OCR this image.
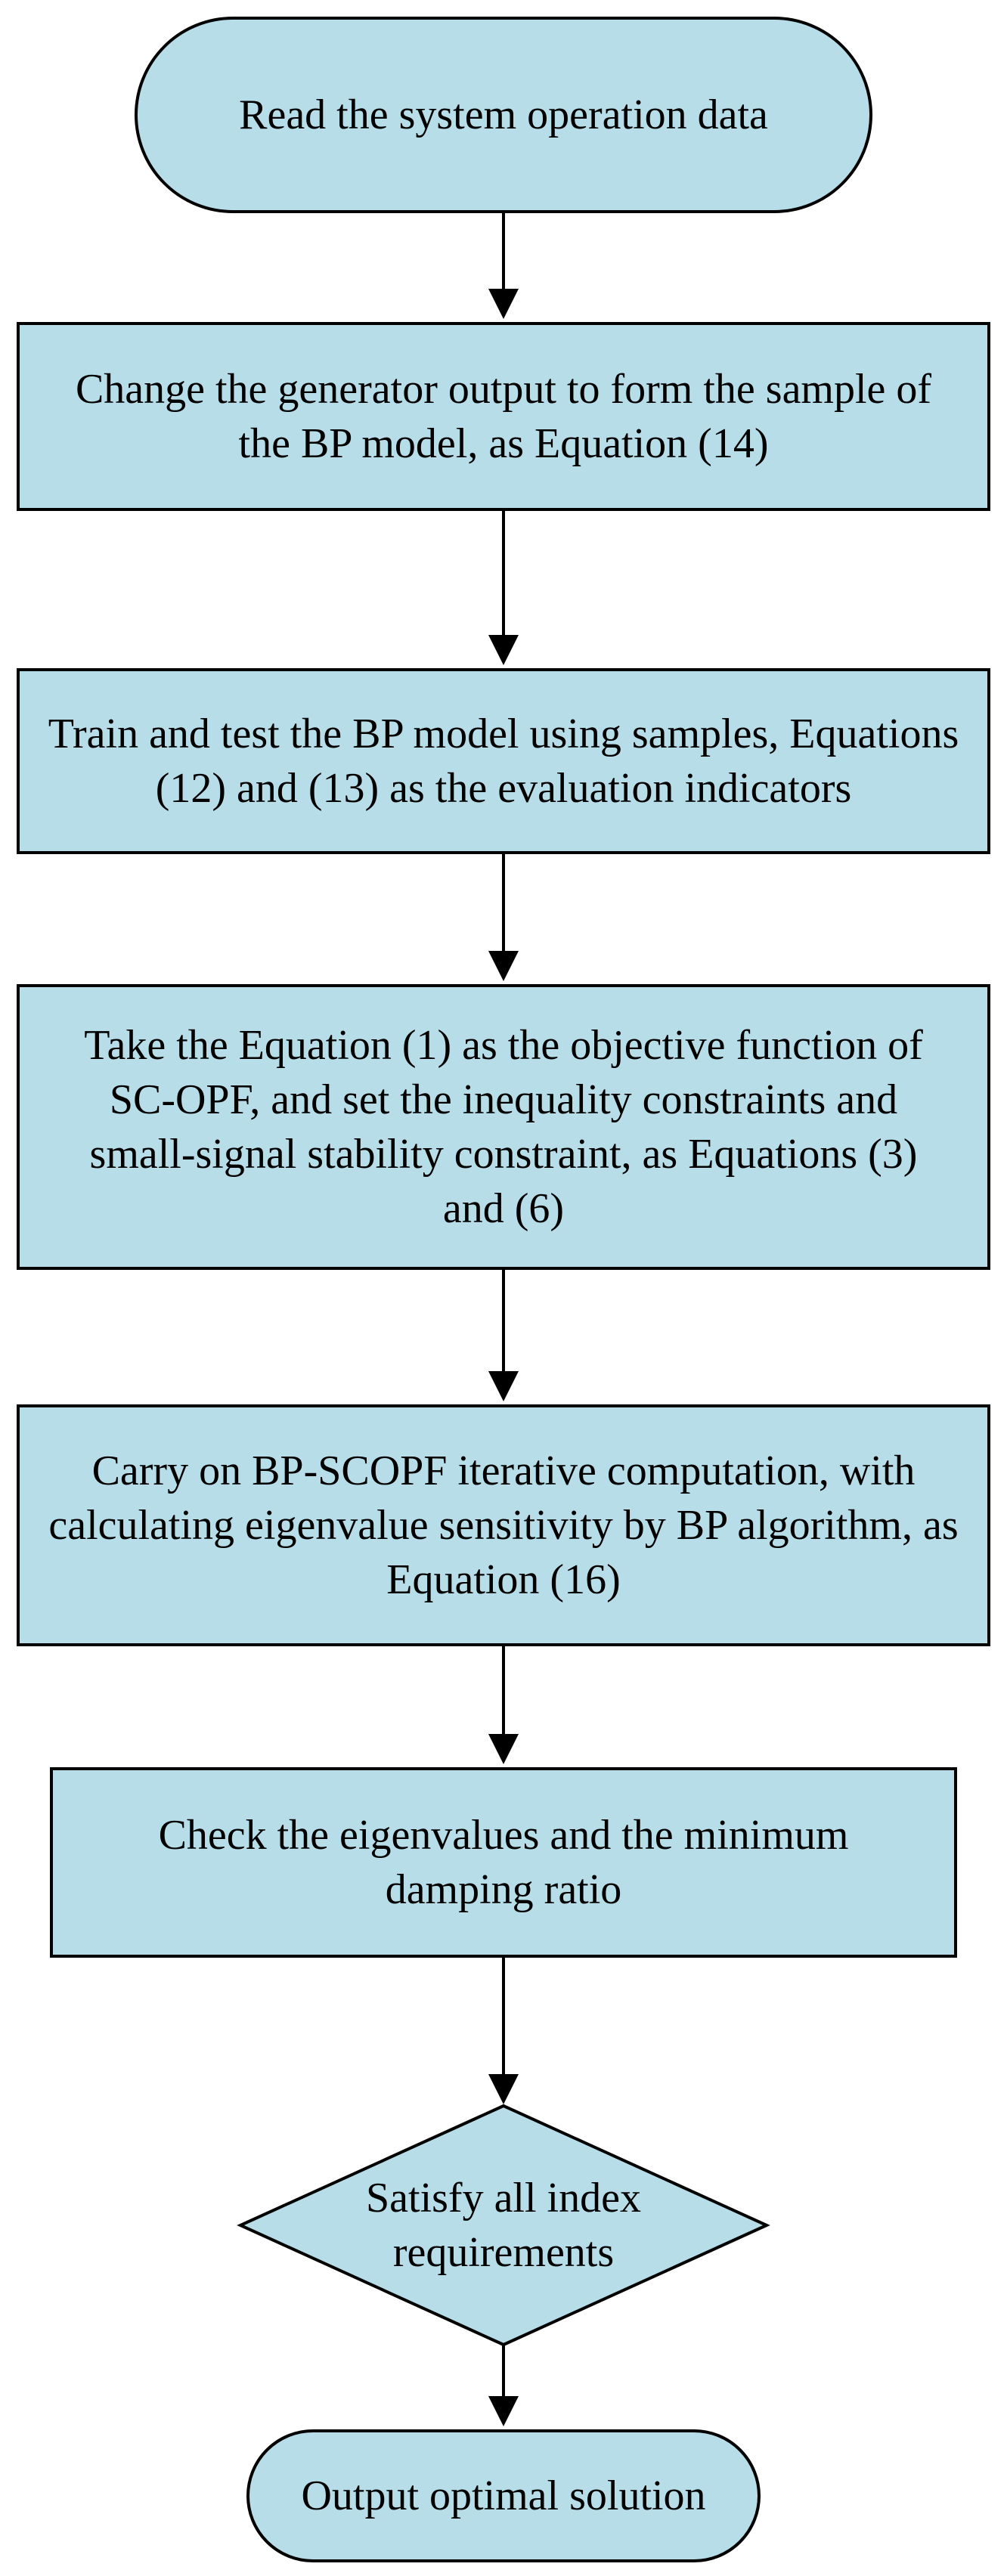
Read the system operation data
Change the generator output to form the sample of the BP model, as Equation (14)
Train and test the BP model using samples, Equations (12) and (13) as the evaluation indicators
Take the Equation (1) as the objective function of SC-OPF, and set the inequality constraints and small-signal stability constraint, as Equations (3) and (6)
Carry on BP-SCOPF iterative computation, with calculating eigenvalue sensitivity by BP algorithm, as Equation (16)
Check the eigenvalues and the minimum damping ratio
Satisfy all index requirements
Output optimal solution
